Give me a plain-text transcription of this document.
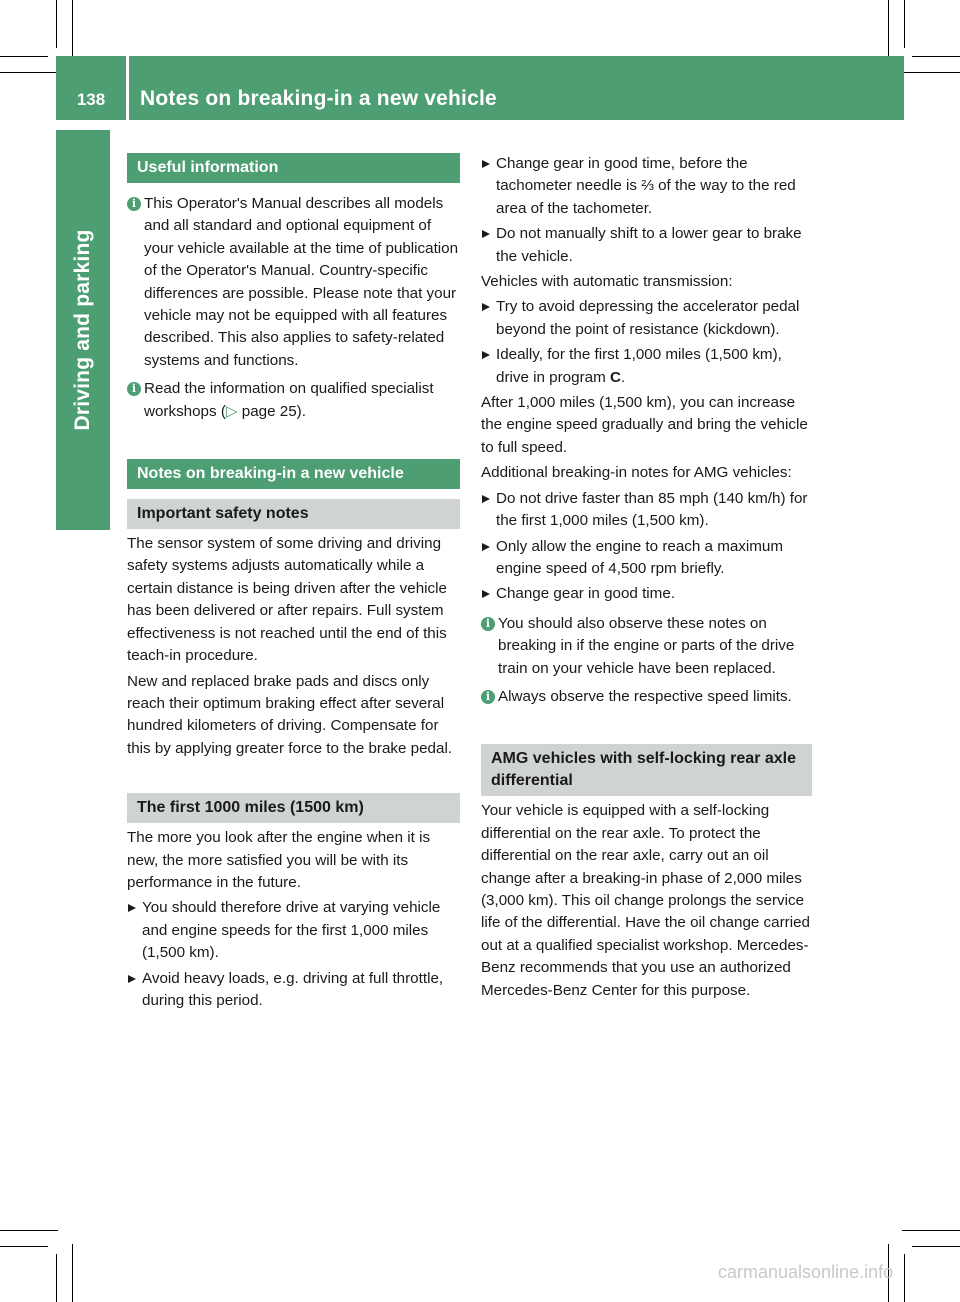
138	Notes on breaking-in a new vehicle
Driving and parking
Useful information
i This Operator's Manual describes all models and all standard and optional equipment of your vehicle available at the time of publication of the Operator's Manual. Country-specific differences are possible. Please note that your vehicle may not be equipped with all features described. This also applies to safety-related systems and functions.
i Read the information on qualified specialist workshops (▷ page 25).
Notes on breaking-in a new vehicle
Important safety notes

The sensor system of some driving and driving safety systems adjusts automatically while a certain distance is being driven after the vehicle has been delivered or after repairs. Full system effectiveness is not reached until the end of this teach-in procedure.

New and replaced brake pads and discs only reach their optimum braking effect after several hundred kilometers of driving. Compensate for this by applying greater force to the brake pedal.

The first 1000 miles (1500 km)

The more you look after the engine when it is new, the more satisfied you will be with its performance in the future.

You should therefore drive at varying vehicle and engine speeds for the first 1,000 miles (1,500 km).
Avoid heavy loads, e.g. driving at full throttle, during this period.
Change gear in good time, before the tachometer needle is ⅔ of the way to the red area of the tachometer.
Do not manually shift to a lower gear to brake the vehicle.

Vehicles with automatic transmission:

Try to avoid depressing the accelerator pedal beyond the point of resistance (kickdown).
Ideally, for the first 1,000 miles (1,500 km), drive in program C.

After 1,000 miles (1,500 km), you can increase the engine speed gradually and bring the vehicle to full speed.

Additional breaking-in notes for AMG vehicles:

Do not drive faster than 85 mph (140 km/h) for the first 1,000 miles (1,500 km).
Only allow the engine to reach a maximum engine speed of 4,500 rpm briefly.
Change gear in good time.
i You should also observe these notes on breaking in if the engine or parts of the drive train on your vehicle have been replaced.
i Always observe the respective speed limits.
AMG vehicles with self-locking rear axle differential

Your vehicle is equipped with a self-locking differential on the rear axle. To protect the differential on the rear axle, carry out an oil change after a breaking-in phase of 2,000 miles (3,000 km). This oil change prolongs the service life of the differential. Have the oil change carried out at a qualified specialist workshop. Mercedes-Benz recommends that you use an authorized Mercedes-Benz Center for this purpose.

carmanualsonline.info
